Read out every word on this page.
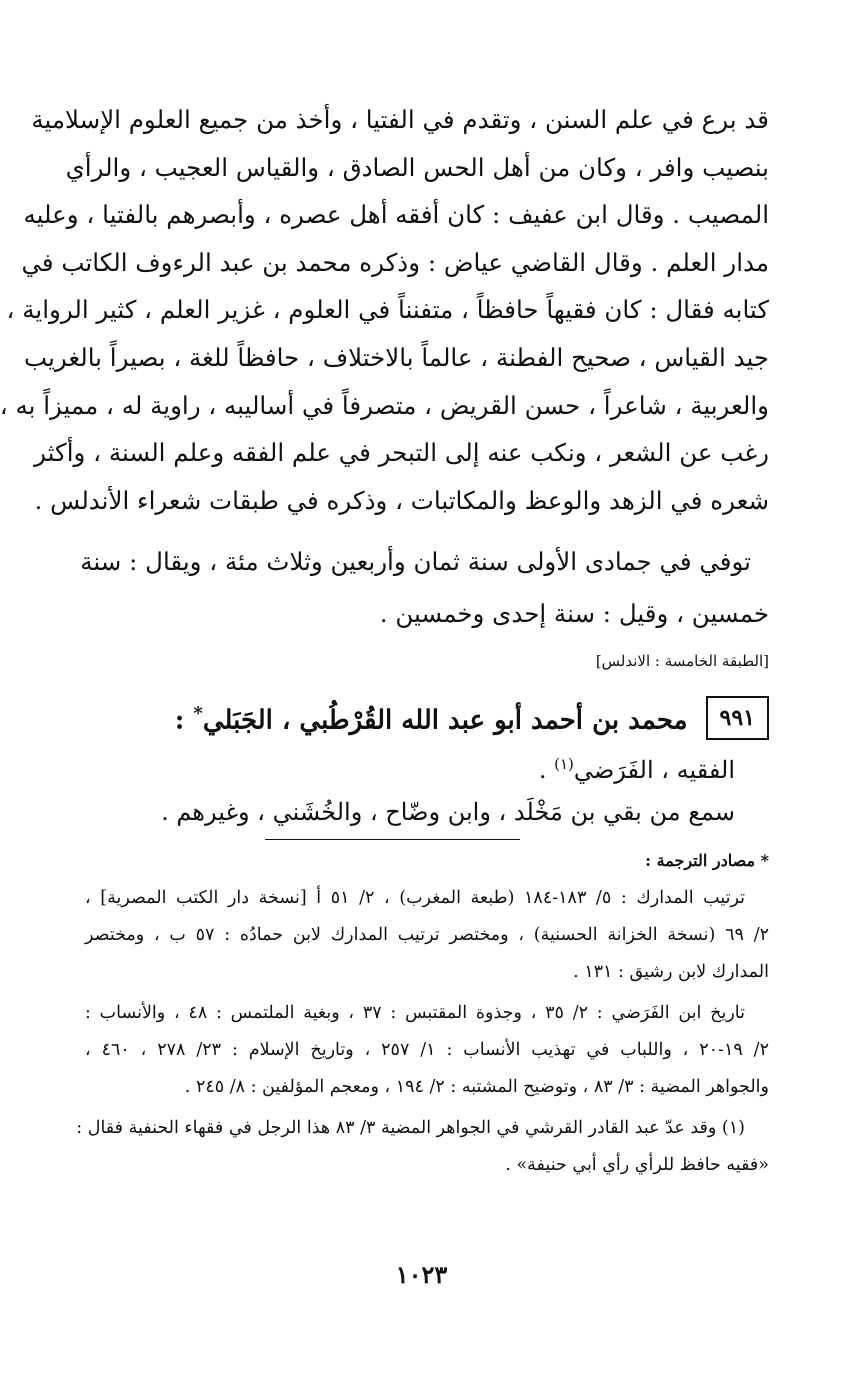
قد برع في علم السنن ، وتقدم في الفتيا ، وأخذ من جميع العلوم الإسلامية
بنصيب وافر ، وكان من أهل الحس الصادق ، والقياس العجيب ، والرأي
المصيب . وقال ابن عفيف : كان أفقه أهل عصره ، وأبصرهم بالفتيا ، وعليه
مدار العلم . وقال القاضي عياض : وذكره محمد بن عبد الرءوف الكاتب في
كتابه فقال : كان فقيهاً حافظاً ، متفنناً في العلوم ، غزير العلم ، كثير الرواية ،
جيد القياس ، صحيح الفطنة ، عالماً بالاختلاف ، حافظاً للغة ، بصيراً بالغريب
والعربية ، شاعراً ، حسن القريض ، متصرفاً في أساليبه ، راوية له ، مميزاً به ،
رغب عن الشعر ، ونكب عنه إلى التبحر في علم الفقه وعلم السنة ، وأكثر
شعره في الزهد والوعظ والمكاتبات ، وذكره في طبقات شعراء الأندلس .

توفي في جمادى الأولى سنة ثمان وأربعين وثلاث مئة ، ويقال : سنة
خمسين ، وقيل : سنة إحدى وخمسين .
[الطبقة الخامسة : الاندلس]
٩٩١
محمد بن أحمد أبو عبد الله القُرْطُبي ، الجَبَلي* :
الفقيه ، الفَرَضي$^{(١)}$ .
سمع من بقي بن مَخْلَد ، وابن وضّاح ، والخُشَني ، وغيرهم .
* مصادر الترجمة :
ترتيب المدارك : ٥/ ١٨٣-١٨٤ (طبعة المغرب) ، ٢/ ٥١ أ [نسخة دار الكتب المصرية] ،
٢/ ٦٩ (نسخة الخزانة الحسنية) ، ومختصر ترتيب المدارك لابن حمادُه : ٥٧ ب ، ومختصر
المدارك لابن رشيق : ١٣١ .
تاريخ ابن الفَرَضي : ٢/ ٣٥ ، وجذوة المقتبس : ٣٧ ، وبغية الملتمس : ٤٨ ، والأنساب :
٢/ ١٩-٢٠ ، واللباب في تهذيب الأنساب : ١/ ٢٥٧ ، وتاريخ الإسلام : ٢٣/ ٢٧٨ ، ٤٦٠ ،
والجواهر المضية : ٣/ ٨٣ ، وتوضيح المشتبه : ٢/ ١٩٤ ، ومعجم المؤلفين : ٨/ ٢٤٥ .
(١) وقد عدّ عبد القادر القرشي في الجواهر المضية ٣/ ٨٣ هذا الرجل في فقهاء الحنفية فقال :
«فقيه حافظ للرأي رأي أبي حنيفة» .
١٠٢٣
